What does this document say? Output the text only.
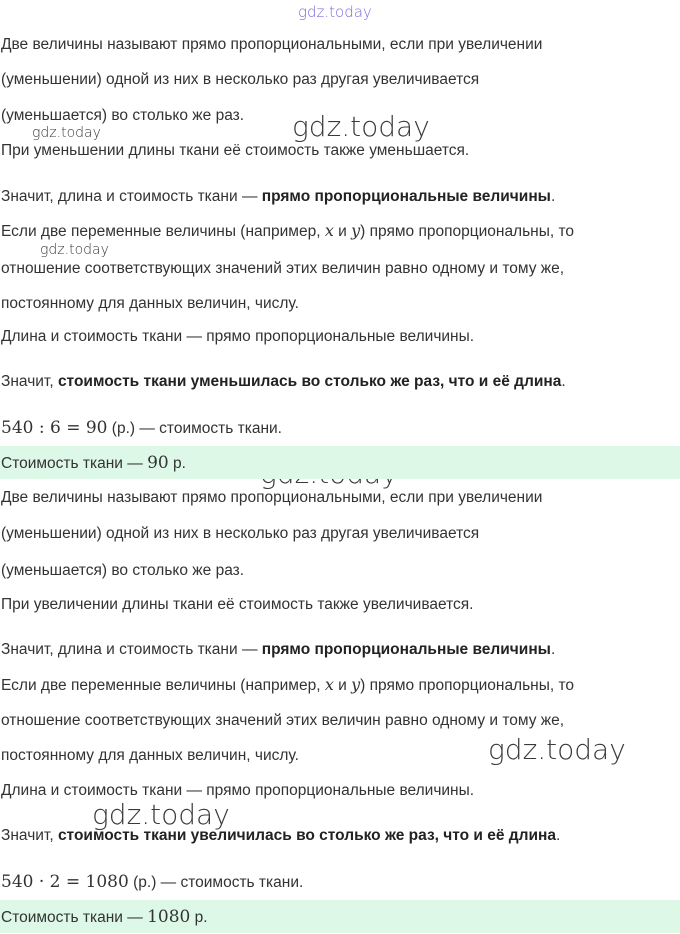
gdz.today
gdz.today	gdz.today
gdz.today
gdz.today
gdz.today
Две величины называют прямо пропорциональными, если при увеличении
(уменьшении) одной из них в несколько раз другая увеличивается
(уменьшается) во столько же раз.
При уменьшении длины ткани её стоимость также уменьшается.
Значит, длина и стоимость ткани — прямо пропорциональные величины.
Если две переменные величины (например, x и y) прямо пропорциональны, то
отношение соответствующих значений этих величин равно одному и тому же,
постоянному для данных величин, числу.
Длина и стоимость ткани — прямо пропорциональные величины.
Значит, стоимость ткани уменьшилась во столько же раз, что и её длина.
540 : 6 = 90 (р.) — стоимость ткани.
Стоимость ткани — 90 р.
Две величины называют прямо пропорциональными, если при увеличении
(уменьшении) одной из них в несколько раз другая увеличивается
(уменьшается) во столько же раз.
При увеличении длины ткани её стоимость также увеличивается.
Значит, длина и стоимость ткани — прямо пропорциональные величины.
Если две переменные величины (например, x и y) прямо пропорциональны, то
отношение соответствующих значений этих величин равно одному и тому же,
постоянному для данных величин, числу.
Длина и стоимость ткани — прямо пропорциональные величины.
Значит, стоимость ткани увеличилась во столько же раз, что и её длина.
540 · 2 = 1080 (р.) — стоимость ткани.
Стоимость ткани — 1080 р.
